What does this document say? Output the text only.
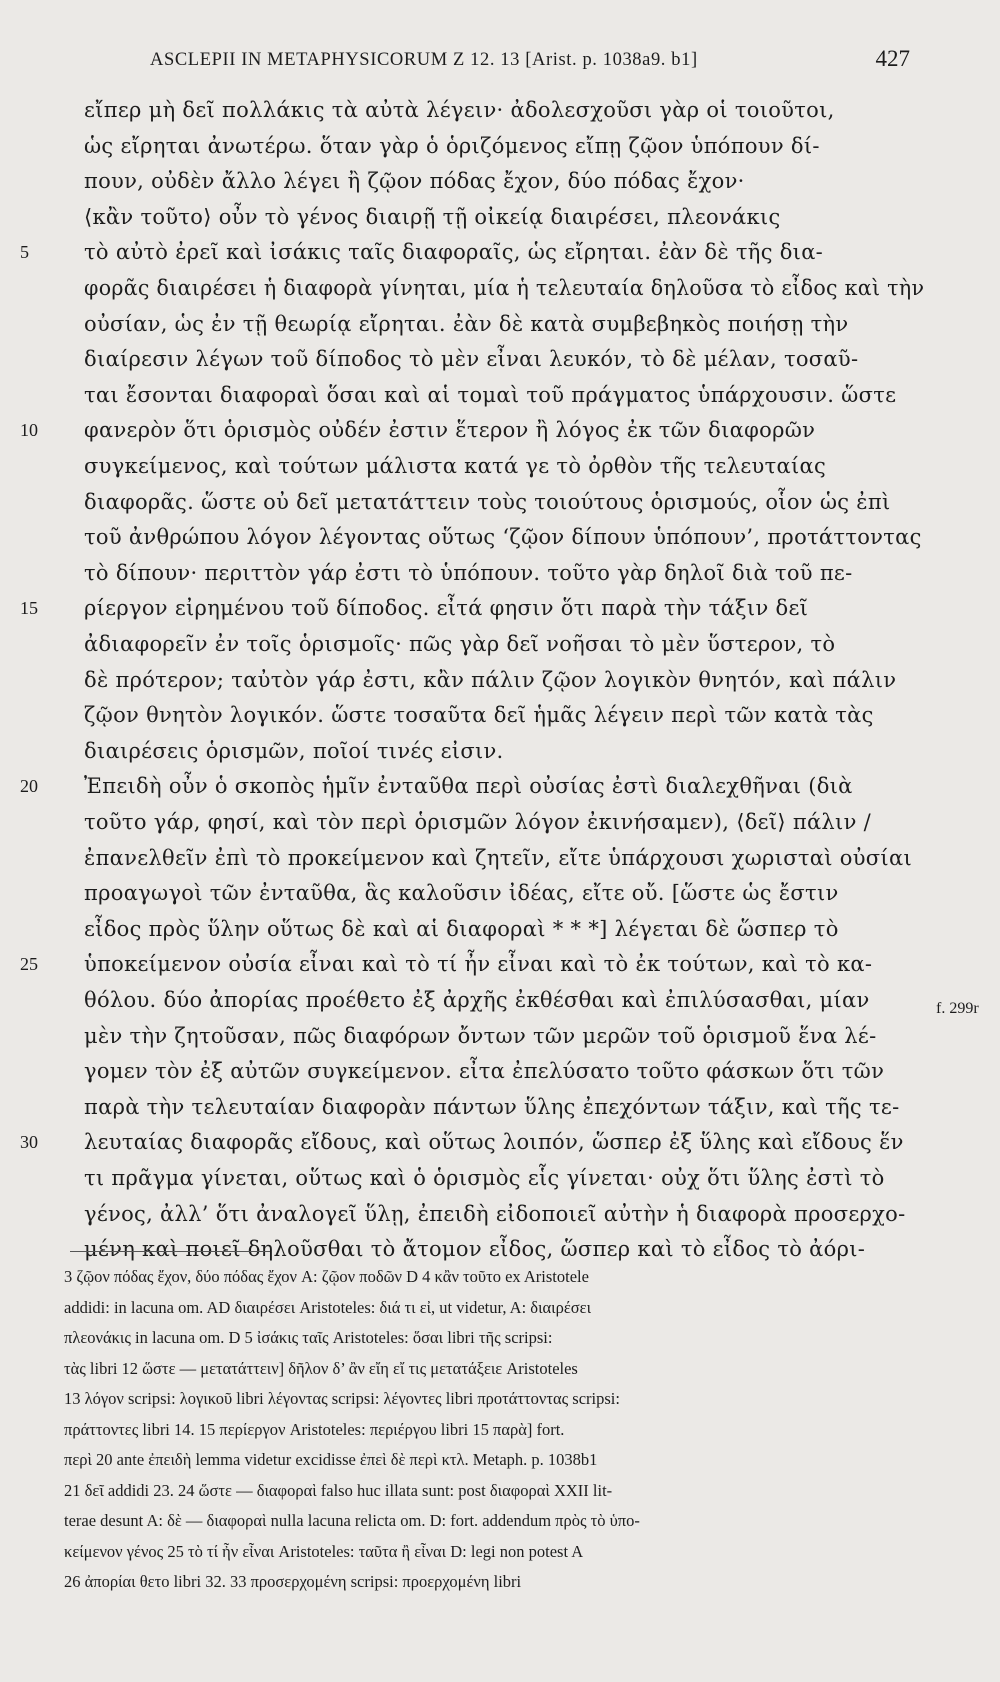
ASCLEPII IN METAPHYSICORUM Z 12. 13 [Arist. p. 1038a9. b1]	427
εἴπερ μὴ δεῖ πολλάκις τὰ αὐτὰ λέγειν· ἀδολεσχοῦσι γὰρ οἱ τοιοῦτοι,
ὡς εἴρηται ἀνωτέρω. ὅταν γὰρ ὁ ὁριζόμενος εἴπῃ ζῷον ὑπόπουν δί-
πουν, οὐδὲν ἄλλο λέγει ἢ ζῷον πόδας ἔχον, δύο πόδας ἔχον·
⟨κἂν τοῦτο⟩ οὖν τὸ γένος διαιρῇ τῇ οἰκείᾳ διαιρέσει, πλεονάκις
5	τὸ αὐτὸ ἐρεῖ καὶ ἰσάκις ταῖς διαφοραῖς, ὡς εἴρηται. ἐὰν δὲ τῆς δια-
φορᾶς διαιρέσει ἡ διαφορὰ γίνηται, μία ἡ τελευταία δηλοῦσα τὸ εἶδος καὶ τὴν
οὐσίαν, ὡς ἐν τῇ θεωρίᾳ εἴρηται. ἐὰν δὲ κατὰ συμβεβηκὸς ποιήσῃ τὴν
διαίρεσιν λέγων τοῦ δίποδος τὸ μὲν εἶναι λευκόν, τὸ δὲ μέλαν, τοσαῦ-
ται ἔσονται διαφοραὶ ὅσαι καὶ αἱ τομαὶ τοῦ πράγματος ὑπάρχουσιν. ὥστε
10	φανερὸν ὅτι ὁρισμὸς οὐδέν ἐστιν ἕτερον ἢ λόγος ἐκ τῶν διαφορῶν
συγκείμενος, καὶ τούτων μάλιστα κατά γε τὸ ὀρθὸν τῆς τελευταίας
διαφορᾶς. ὥστε οὐ δεῖ μετατάττειν τοὺς τοιούτους ὁρισμούς, οἷον ὡς ἐπὶ
τοῦ ἀνθρώπου λόγον λέγοντας οὕτως ‘ζῷον δίπουν ὑπόπουν’, προτάττοντας
τὸ δίπουν· περιττὸν γάρ ἐστι τὸ ὑπόπουν. τοῦτο γὰρ δηλοῖ διὰ τοῦ πε-
15	ρίεργον εἰρημένου τοῦ δίποδος. εἶτά φησιν ὅτι παρὰ τὴν τάξιν δεῖ
ἀδιαφορεῖν ἐν τοῖς ὁρισμοῖς· πῶς γὰρ δεῖ νοῆσαι τὸ μὲν ὕστερον, τὸ
δὲ πρότερον; ταὐτὸν γάρ ἐστι, κἂν πάλιν ζῷον λογικὸν θνητόν, καὶ πάλιν
ζῷον θνητὸν λογικόν. ὥστε τοσαῦτα δεῖ ἡμᾶς λέγειν περὶ τῶν κατὰ τὰς
διαιρέσεις ὁρισμῶν, ποῖοί τινές εἰσιν.
20	Ἐπειδὴ οὖν ὁ σκοπὸς ἡμῖν ἐνταῦθα περὶ οὐσίας ἐστὶ διαλεχθῆναι (διὰ
τοῦτο γάρ, φησί, καὶ τὸν περὶ ὁρισμῶν λόγον ἐκινήσαμεν), ⟨δεῖ⟩ πάλιν /
ἐπανελθεῖν ἐπὶ τὸ προκείμενον καὶ ζητεῖν, εἴτε ὑπάρχουσι χωρισταὶ οὐσίαι
προαγωγοὶ τῶν ἐνταῦθα, ἃς καλοῦσιν ἰδέας, εἴτε οὔ. [ὥστε ὡς ἔστιν
εἶδος πρὸς ὕλην οὕτως δὲ καὶ αἱ διαφοραὶ * * *] λέγεται δὲ ὥσπερ τὸ
25	ὑποκείμενον οὐσία εἶναι καὶ τὸ τί ἦν εἶναι καὶ τὸ ἐκ τούτων, καὶ τὸ κα-
θόλου. δύο ἀπορίας προέθετο ἐξ ἀρχῆς ἐκθέσθαι καὶ ἐπιλύσασθαι, μίαν
μὲν τὴν ζητοῦσαν, πῶς διαφόρων ὄντων τῶν μερῶν τοῦ ὁρισμοῦ ἕνα λέ-
γομεν τὸν ἐξ αὐτῶν συγκείμενον. εἶτα ἐπελύσατο τοῦτο φάσκων ὅτι τῶν
παρὰ τὴν τελευταίαν διαφορὰν πάντων ὕλης ἐπεχόντων τάξιν, καὶ τῆς τε-
30	λευταίας διαφορᾶς εἴδους, καὶ οὕτως λοιπόν, ὥσπερ ἐξ ὕλης καὶ εἴδους ἕν
τι πρᾶγμα γίνεται, οὕτως καὶ ὁ ὁρισμὸς εἷς γίνεται· οὐχ ὅτι ὕλης ἐστὶ τὸ
γένος, ἀλλ’ ὅτι ἀναλογεῖ ὕλῃ, ἐπειδὴ εἰδοποιεῖ αὐτὴν ἡ διαφορὰ προσερχο-
μένη καὶ ποιεῖ δηλοῦσθαι τὸ ἄτομον εἶδος, ὥσπερ καὶ τὸ εἶδος τὸ ἀόρι-
f. 299r
3 ζῷον πόδας ἔχον, δύο πόδας ἔχον A: ζῷον ποδῶν D 4 κἂν τοῦτο ex Aristotele
addidi: in lacuna om. AD διαιρέσει Aristoteles: διά τι εἰ, ut videtur, A: διαιρέσει
πλεονάκις in lacuna om. D 5 ἰσάκις ταῖς Aristoteles: ὅσαι libri τῆς scripsi:
τὰς libri 12 ὥστε — μετατάττειν] δῆλον δ’ ἂν εἴη εἴ τις μετατάξειε Aristoteles
13 λόγον scripsi: λογικοῦ libri λέγοντας scripsi: λέγοντες libri προτάττοντας scripsi:
πράττοντες libri 14. 15 περίεργον Aristoteles: περιέργου libri 15 παρὰ] fort.
περὶ 20 ante ἐπειδὴ lemma videtur excidisse ἐπεὶ δὲ περὶ κτλ. Metaph. p. 1038b1
21 δεῖ addidi 23. 24 ὥστε — διαφοραὶ falso huc illata sunt: post διαφοραὶ XXII lit-
terae desunt A: δὲ — διαφοραὶ nulla lacuna relicta om. D: fort. addendum πρὸς τὸ ὑπο-
κείμενον γένος 25 τὸ τί ἦν εἶναι Aristoteles: ταῦτα ἢ εἶναι D: legi non potest A
26 ἀπορίαι θετο libri 32. 33 προσερχομένη scripsi: προερχομένη libri
